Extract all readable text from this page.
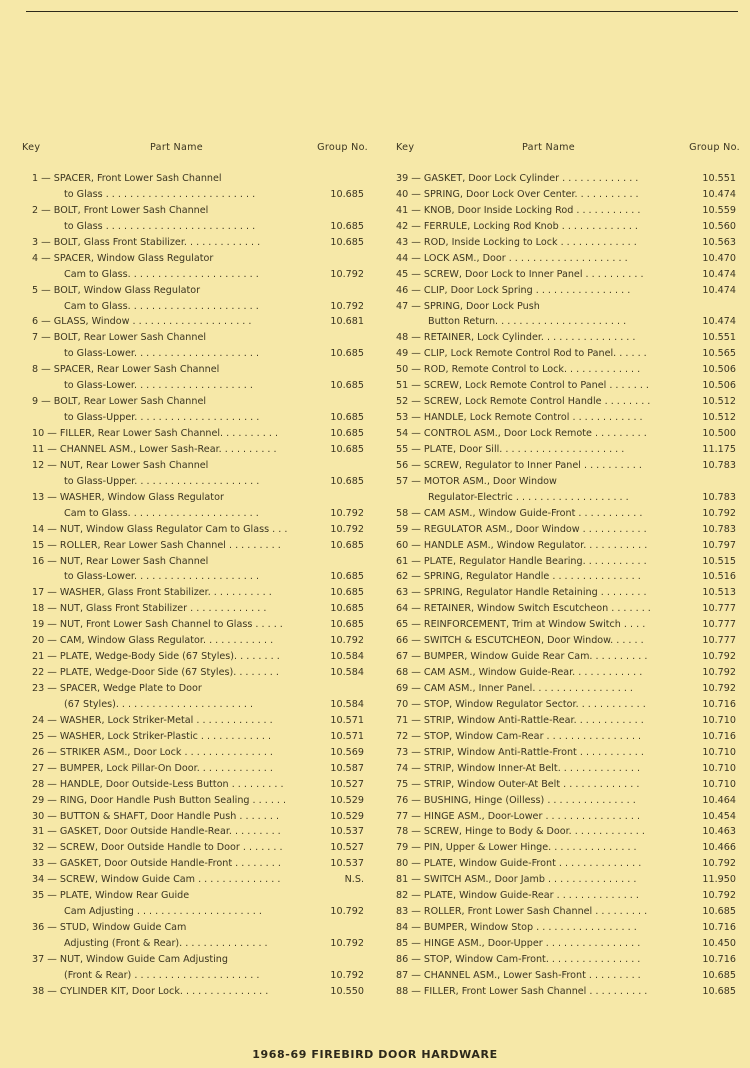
Key	Part Name	Group No.
1 — SPACER, Front Lower Sash Channel
to Glass . . . . . . . . . . . . . . . . . . . . . . . . .	10.685
2 — BOLT, Front Lower Sash Channel
to Glass . . . . . . . . . . . . . . . . . . . . . . . . .	10.685
3 — BOLT, Glass Front Stabilizer. . . . . . . . . . . . .	10.685
4 — SPACER, Window Glass Regulator
Cam to Glass. . . . . . . . . . . . . . . . . . . . . .	10.792
5 — BOLT, Window Glass Regulator
Cam to Glass. . . . . . . . . . . . . . . . . . . . . .	10.792
6 — GLASS, Window . . . . . . . . . . . . . . . . . . . .	10.681
7 — BOLT, Rear Lower Sash Channel
to Glass-Lower. . . . . . . . . . . . . . . . . . . . .	10.685
8 — SPACER, Rear Lower Sash Channel
to Glass-Lower. . . . . . . . . . . . . . . . . . . .	10.685
9 — BOLT, Rear Lower Sash Channel
to Glass-Upper. . . . . . . . . . . . . . . . . . . . .	10.685
10 — FILLER, Rear Lower Sash Channel. . . . . . . . . .	10.685
11 — CHANNEL ASM., Lower Sash-Rear. . . . . . . . . .	10.685
12 — NUT, Rear Lower Sash Channel
to Glass-Upper. . . . . . . . . . . . . . . . . . . . .	10.685
13 — WASHER, Window Glass Regulator
Cam to Glass. . . . . . . . . . . . . . . . . . . . . .	10.792
14 — NUT, Window Glass Regulator Cam to Glass . . .	10.792
15 — ROLLER, Rear Lower Sash Channel . . . . . . . . .	10.685
16 — NUT, Rear Lower Sash Channel
to Glass-Lower. . . . . . . . . . . . . . . . . . . . .	10.685
17 — WASHER, Glass Front Stabilizer. . . . . . . . . . .	10.685
18 — NUT, Glass Front Stabilizer . . . . . . . . . . . . .	10.685
19 — NUT, Front Lower Sash Channel to Glass . . . . .	10.685
20 — CAM, Window Glass Regulator. . . . . . . . . . . .	10.792
21 — PLATE, Wedge-Body Side (67 Styles). . . . . . . .	10.584
22 — PLATE, Wedge-Door Side (67 Styles). . . . . . . .	10.584
23 — SPACER, Wedge Plate to Door
(67 Styles). . . . . . . . . . . . . . . . . . . . . . .	10.584
24 — WASHER, Lock Striker-Metal . . . . . . . . . . . . .	10.571
25 — WASHER, Lock Striker-Plastic . . . . . . . . . . . .	10.571
26 — STRIKER ASM., Door Lock . . . . . . . . . . . . . . .	10.569
27 — BUMPER, Lock Pillar-On Door. . . . . . . . . . . . .	10.587
28 — HANDLE, Door Outside-Less Button . . . . . . . . .	10.527
29 — RING, Door Handle Push Button Sealing . . . . . .	10.529
30 — BUTTON & SHAFT, Door Handle Push . . . . . . .	10.529
31 — GASKET, Door Outside Handle-Rear. . . . . . . . .	10.537
32 — SCREW, Door Outside Handle to Door . . . . . . .	10.527
33 — GASKET, Door Outside Handle-Front . . . . . . . .	10.537
34 — SCREW, Window Guide Cam . . . . . . . . . . . . . .	N.S.
35 — PLATE, Window Rear Guide
Cam Adjusting . . . . . . . . . . . . . . . . . . . . .	10.792
36 — STUD, Window Guide Cam
Adjusting (Front & Rear). . . . . . . . . . . . . . .	10.792
37 — NUT, Window Guide Cam Adjusting
(Front & Rear) . . . . . . . . . . . . . . . . . . . . .	10.792
38 — CYLINDER KIT, Door Lock. . . . . . . . . . . . . . .	10.550
Key	Part Name	Group No.
39 — GASKET, Door Lock Cylinder . . . . . . . . . . . . .	10.551
40 — SPRING, Door Lock Over Center. . . . . . . . . . .	10.474
41 — KNOB, Door Inside Locking Rod . . . . . . . . . . .	10.559
42 — FERRULE, Locking Rod Knob . . . . . . . . . . . . .	10.560
43 — ROD, Inside Locking to Lock . . . . . . . . . . . . .	10.563
44 — LOCK ASM., Door . . . . . . . . . . . . . . . . . . . .	10.470
45 — SCREW, Door Lock to Inner Panel . . . . . . . . . .	10.474
46 — CLIP, Door Lock Spring . . . . . . . . . . . . . . . .	10.474
47 — SPRING, Door Lock Push
Button Return. . . . . . . . . . . . . . . . . . . . . .	10.474
48 — RETAINER, Lock Cylinder. . . . . . . . . . . . . . . .	10.551
49 — CLIP, Lock Remote Control Rod to Panel. . . . . .	10.565
50 — ROD, Remote Control to Lock. . . . . . . . . . . . .	10.506
51 — SCREW, Lock Remote Control to Panel . . . . . . .	10.506
52 — SCREW, Lock Remote Control Handle . . . . . . . .	10.512
53 — HANDLE, Lock Remote Control . . . . . . . . . . . .	10.512
54 — CONTROL ASM., Door Lock Remote . . . . . . . . .	10.500
55 — PLATE, Door Sill. . . . . . . . . . . . . . . . . . . . .	11.175
56 — SCREW, Regulator to Inner Panel . . . . . . . . . .	10.783
57 — MOTOR ASM., Door Window
Regulator-Electric . . . . . . . . . . . . . . . . . . .	10.783
58 — CAM ASM., Window Guide-Front . . . . . . . . . . .	10.792
59 — REGULATOR ASM., Door Window . . . . . . . . . . .	10.783
60 — HANDLE ASM., Window Regulator. . . . . . . . . . .	10.797
61 — PLATE, Regulator Handle Bearing. . . . . . . . . . .	10.515
62 — SPRING, Regulator Handle . . . . . . . . . . . . . . .	10.516
63 — SPRING, Regulator Handle Retaining . . . . . . . .	10.513
64 — RETAINER, Window Switch Escutcheon . . . . . . .	10.777
65 — REINFORCEMENT, Trim at Window Switch . . . .	10.777
66 — SWITCH & ESCUTCHEON, Door Window. . . . . .	10.777
67 — BUMPER, Window Guide Rear Cam. . . . . . . . . .	10.792
68 — CAM ASM., Window Guide-Rear. . . . . . . . . . . .	10.792
69 — CAM ASM., Inner Panel. . . . . . . . . . . . . . . . .	10.792
70 — STOP, Window Regulator Sector. . . . . . . . . . . .	10.716
71 — STRIP, Window Anti-Rattle-Rear. . . . . . . . . . . .	10.710
72 — STOP, Window Cam-Rear . . . . . . . . . . . . . . . .	10.716
73 — STRIP, Window Anti-Rattle-Front . . . . . . . . . . .	10.710
74 — STRIP, Window Inner-At Belt. . . . . . . . . . . . . .	10.710
75 — STRIP, Window Outer-At Belt . . . . . . . . . . . . .	10.710
76 — BUSHING, Hinge (Oilless) . . . . . . . . . . . . . . .	10.464
77 — HINGE ASM., Door-Lower . . . . . . . . . . . . . . . .	10.454
78 — SCREW, Hinge to Body & Door. . . . . . . . . . . . .	10.463
79 — PIN, Upper & Lower Hinge. . . . . . . . . . . . . . .	10.466
80 — PLATE, Window Guide-Front . . . . . . . . . . . . . .	10.792
81 — SWITCH ASM., Door Jamb . . . . . . . . . . . . . . .	11.950
82 — PLATE, Window Guide-Rear . . . . . . . . . . . . . .	10.792
83 — ROLLER, Front Lower Sash Channel . . . . . . . . .	10.685
84 — BUMPER, Window Stop . . . . . . . . . . . . . . . . .	10.716
85 — HINGE ASM., Door-Upper . . . . . . . . . . . . . . . .	10.450
86 — STOP, Window Cam-Front. . . . . . . . . . . . . . . .	10.716
87 — CHANNEL ASM., Lower Sash-Front . . . . . . . . .	10.685
88 — FILLER, Front Lower Sash Channel . . . . . . . . . .	10.685
1968-69 FIREBIRD DOOR HARDWARE
